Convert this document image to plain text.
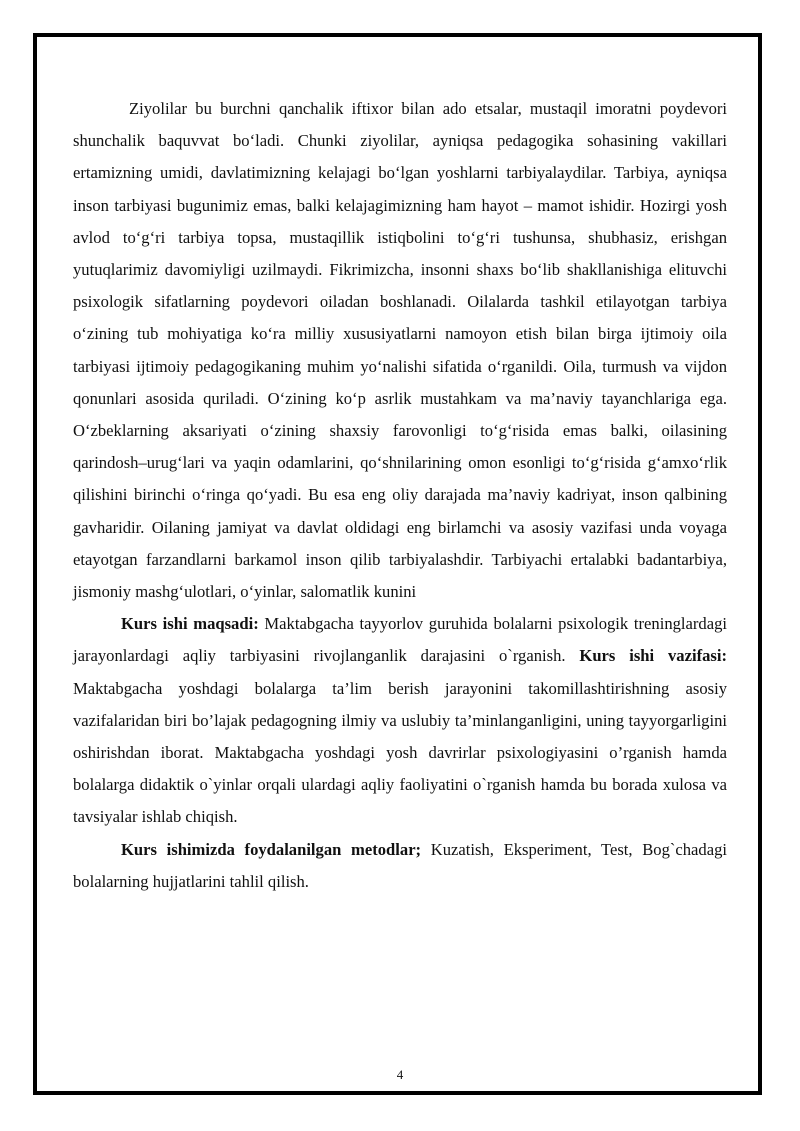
Ziyolilar bu burchni qanchalik iftixor bilan ado etsalar, mustaqil imoratni poydevori shunchalik baquvvat bo‘ladi. Chunki ziyolilar, ayniqsa pedagogika sohasining vakillari ertamizning umidi, davlatimizning kelajagi bo‘lgan yoshlarni tarbiyalaydilar. Tarbiya, ayniqsa inson tarbiyasi bugunimiz emas, balki kelajagimizning ham hayot – mamot ishidir. Hozirgi yosh avlod to‘g‘ri tarbiya topsa, mustaqillik istiqbolini to‘g‘ri tushunsa, shubhasiz, erishgan yutuqlarimiz davomiyligi uzilmaydi. Fikrimizcha, insonni shaxs bo‘lib shakllanishiga elituvchi psixologik sifatlarning poydevori oiladan boshlanadi. Oilalarda tashkil etilayotgan tarbiya o‘zining tub mohiyatiga ko‘ra milliy xususiyatlarni namoyon etish bilan birga ijtimoiy oila tarbiyasi ijtimoiy pedagogikaning muhim yo‘nalishi sifatida o‘rganildi. Oila, turmush va vijdon qonunlari asosida quriladi. O‘zining ko‘p asrlik mustahkam va ma’naviy tayanchlariga ega. O‘zbeklarning aksariyati o‘zining shaxsiy farovonligi to‘g‘risida emas balki, oilasining qarindosh–urug‘lari va yaqin odamlarini, qo‘shnilarining omon esonligi to‘g‘risida g‘amxo‘rlik qilishini birinchi o‘ringa qo‘yadi. Bu esa eng oliy darajada ma’naviy kadriyat, inson qalbining gavharidir. Oilaning jamiyat va davlat oldidagi eng birlamchi va asosiy vazifasi unda voyaga etayotgan farzandlarni barkamol inson qilib tarbiyalashdir. Tarbiyachi ertalabki badantarbiya, jismoniy mashg‘ulotlari, o‘yinlar, salomatlik kunini

Kurs ishi maqsadi: Maktabgacha tayyorlov guruhida bolalarni psixologik treninglardagi jarayonlardagi aqliy tarbiyasini rivojlanganlik darajasini o`rganish. Kurs ishi vazifasi: Maktabgacha yoshdagi bolalarga ta’lim berish jarayonini takomillashtirishning asosiy vazifalaridan biri bo’lajak pedagogning ilmiy va uslubiy ta’minlanganligini, uning tayyorgarligini oshirishdan iborat. Maktabgacha yoshdagi yosh davrirlar psixologiyasini o’rganish hamda bolalarga didaktik o`yinlar orqali ulardagi aqliy faoliyatini o`rganish hamda bu borada xulosa va tavsiyalar ishlab chiqish.

Kurs ishimizda foydalanilgan metodlar; Kuzatish, Eksperiment, Test, Bog`chadagi bolalarning hujjatlarini tahlil qilish.

4
